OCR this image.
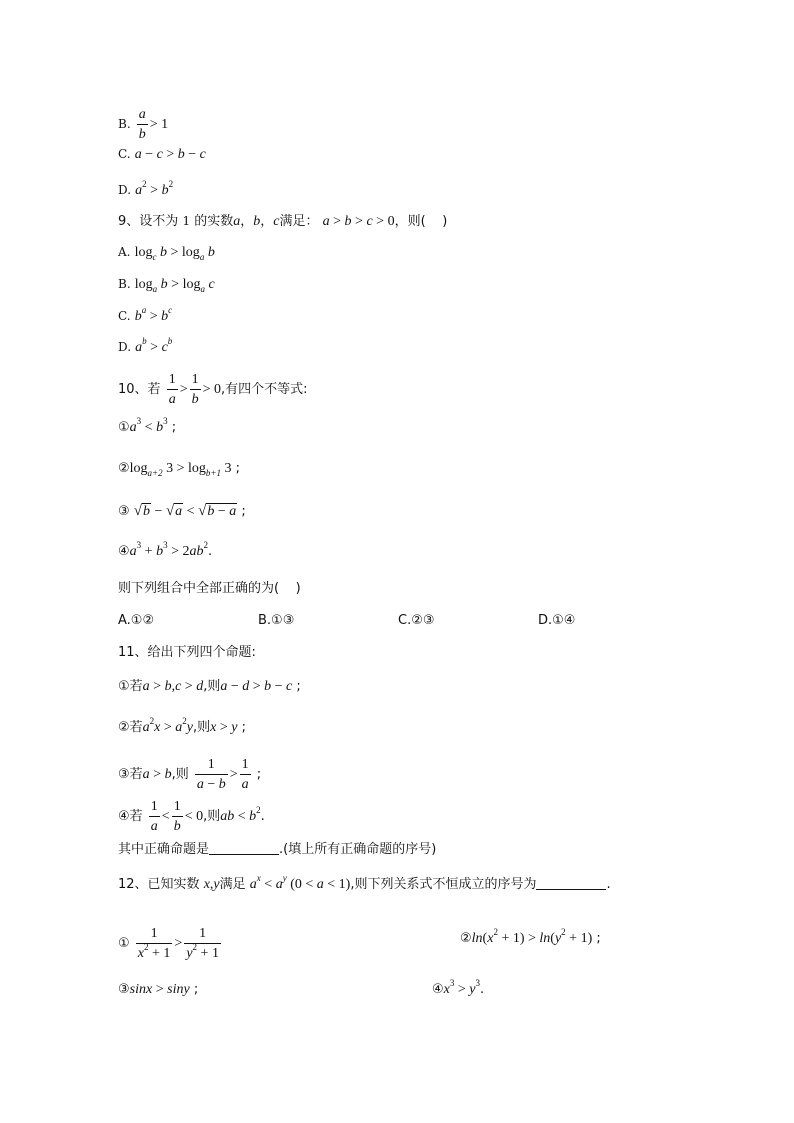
B. $\frac{a}{b} > 1$
C. a − c > b − c
D. $a^2 > b^2$
9、设不为 1 的实数a，b，c满足： a > b > c > 0，则( )
A. $\log_c b > \log_a b$
B. $\log_a b > \log_a c$
C. $b^a > b^c$
D. $a^b > c^b$
10、若 $\frac{1}{a} > \frac{1}{b} > 0$,有四个不等式:
$①a^3 < b^3$ ;
$②\log_{a+2}$ $3 > \log_{b+1} 3$ ;
③ √b − √a < √b − a ;
$④a^3 + b^3 > 2ab^2$.
则下列组合中全部正确的为( )
A.①②	B.①③	C.②③	D.①④
11、给出下列四个命题:
①若a > b,c > d,则a − d > b − c ;
②若$a^2x > a^2y$,则x > y ;
③若a > b,则 $\frac{1}{a - b} > \frac{1}{a}$ ;
④若 $\frac{1}{a} < \frac{1}{b} < 0$,则ab < $b^2$.
其中正确命题是	.(填上所有正确命题的序号)
12、已知实数 x,y满足 $a^x < a^y$ (0 < a < 1),则下列关系式不恒成立的序号为	.
① $\frac{1}{x^2 + 1} > \frac{1}{y^2 + 1}$	$②\ln(x^2 + 1) > \ln(y^2 + 1)$ ;
③sinx > siny ;	$④x^3 > y^3$.
